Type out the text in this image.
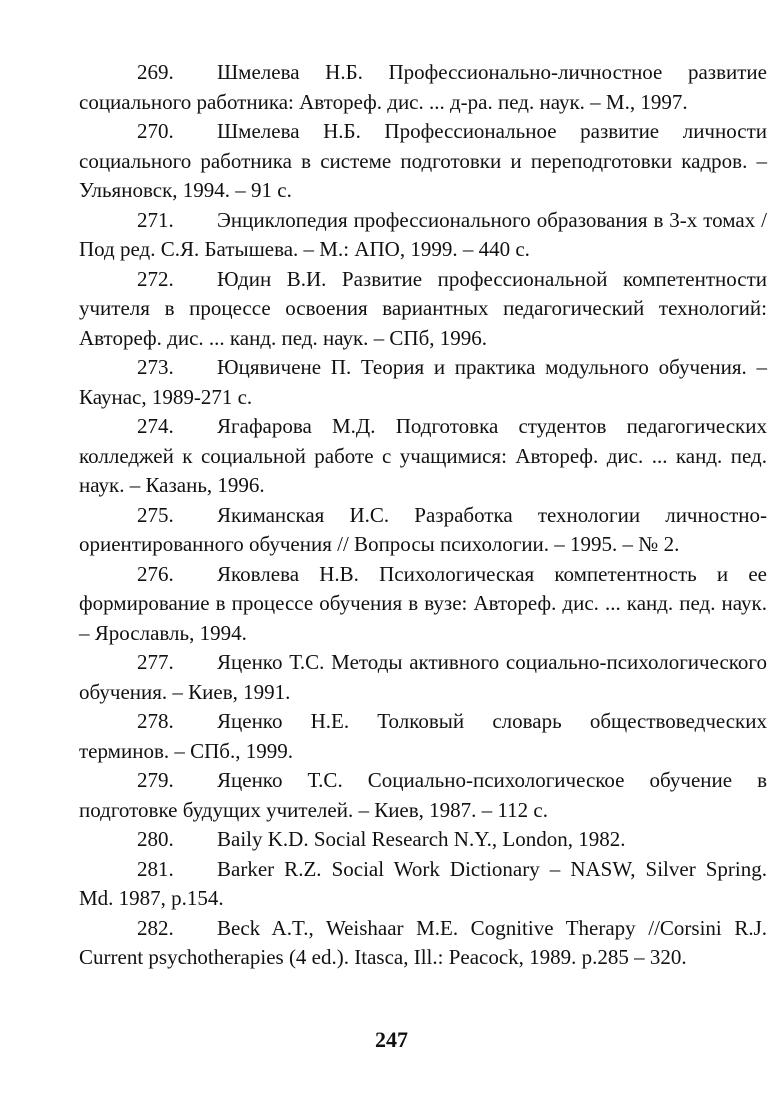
269. Шмелева Н.Б. Профессионально-личностное развитие социального работника: Автореф. дис. ... д-ра. пед. наук. – М., 1997.

270. Шмелева Н.Б. Профессиональное развитие личности социального работника в системе подготовки и переподготовки кадров. – Ульяновск, 1994. – 91 с.

271. Энциклопедия профессионального образования в 3-х томах / Под ред. С.Я. Батышева. – М.: АПО, 1999. – 440 с.

272. Юдин В.И. Развитие профессиональной компетентности учителя в процессе освоения вариантных педагогический технологий: Автореф. дис. ... канд. пед. наук. – СПб, 1996.

273. Юцявичене П. Теория и практика модульного обучения. – Каунас, 1989-271 с.

274. Ягафарова М.Д. Подготовка студентов педагогических колледжей к социальной работе с учащимися: Автореф. дис. ... канд. пед. наук. – Казань, 1996.

275. Якиманская И.С. Разработка технологии личностно-ориентированного обучения // Вопросы психологии. – 1995. – № 2.

276. Яковлева Н.В. Психологическая компетентность и ее формирование в процессе обучения в вузе: Автореф. дис. ... канд. пед. наук. – Ярославль, 1994.

277. Яценко Т.С. Методы активного социально-психологического обучения. – Киев, 1991.

278. Яценко Н.Е. Толковый словарь обществоведческих терминов. – СПб., 1999.

279. Яценко Т.С. Социально-психологическое обучение в подготовке будущих учителей. – Киев, 1987. – 112 с.

280. Baily K.D. Social Research N.Y., London, 1982.

281. Barker R.Z. Social Work Dictionary – NASW, Silver Spring. Md. 1987, p.154.

282. Beck A.T., Weishaar M.E. Cognitive Therapy //Corsini R.J. Current psychotherapies (4 ed.). Itasca, Ill.: Peacock, 1989. p.285 – 320.

247
